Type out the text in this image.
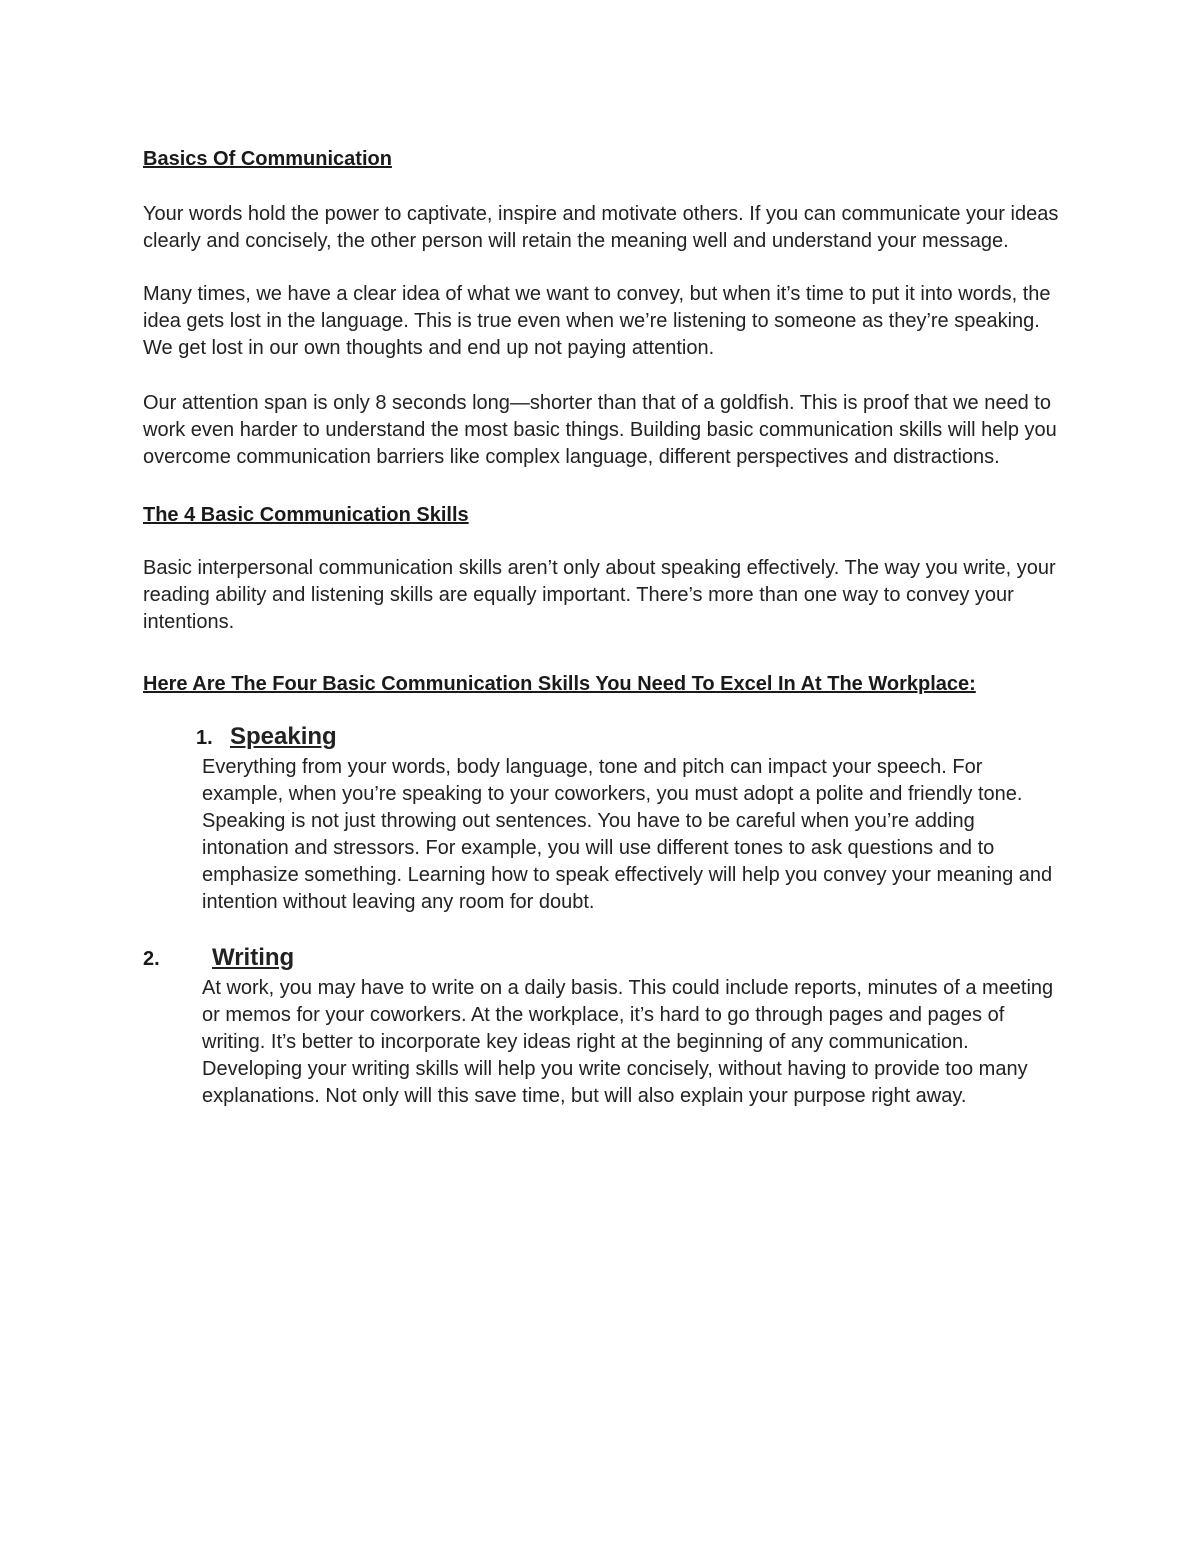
Basics Of Communication

Your words hold the power to captivate, inspire and motivate others. If you can communicate your ideas clearly and concisely, the other person will retain the meaning well and understand your message.

Many times, we have a clear idea of what we want to convey, but when it’s time to put it into words, the idea gets lost in the language. This is true even when we’re listening to someone as they’re speaking. We get lost in our own thoughts and end up not paying attention.

Our attention span is only 8 seconds long—shorter than that of a goldfish. This is proof that we need to work even harder to understand the most basic things. Building basic communication skills will help you overcome communication barriers like complex language, different perspectives and distractions.

The 4 Basic Communication Skills

Basic interpersonal communication skills aren’t only about speaking effectively. The way you write, your reading ability and listening skills are equally important. There’s more than one way to convey your intentions.

Here Are The Four Basic Communication Skills You Need To Excel In At The Workplace:

1. Speaking
Everything from your words, body language, tone and pitch can impact your speech. For example, when you’re speaking to your coworkers, you must adopt a polite and friendly tone. Speaking is not just throwing out sentences. You have to be careful when you’re adding intonation and stressors. For example, you will use different tones to ask questions and to emphasize something. Learning how to speak effectively will help you convey your meaning and intention without leaving any room for doubt.
2.	Writing
At work, you may have to write on a daily basis. This could include reports, minutes of a meeting or memos for your coworkers. At the workplace, it’s hard to go through pages and pages of writing. It’s better to incorporate key ideas right at the beginning of any communication. Developing your writing skills will help you write concisely, without having to provide too many explanations. Not only will this save time, but will also explain your purpose right away.
